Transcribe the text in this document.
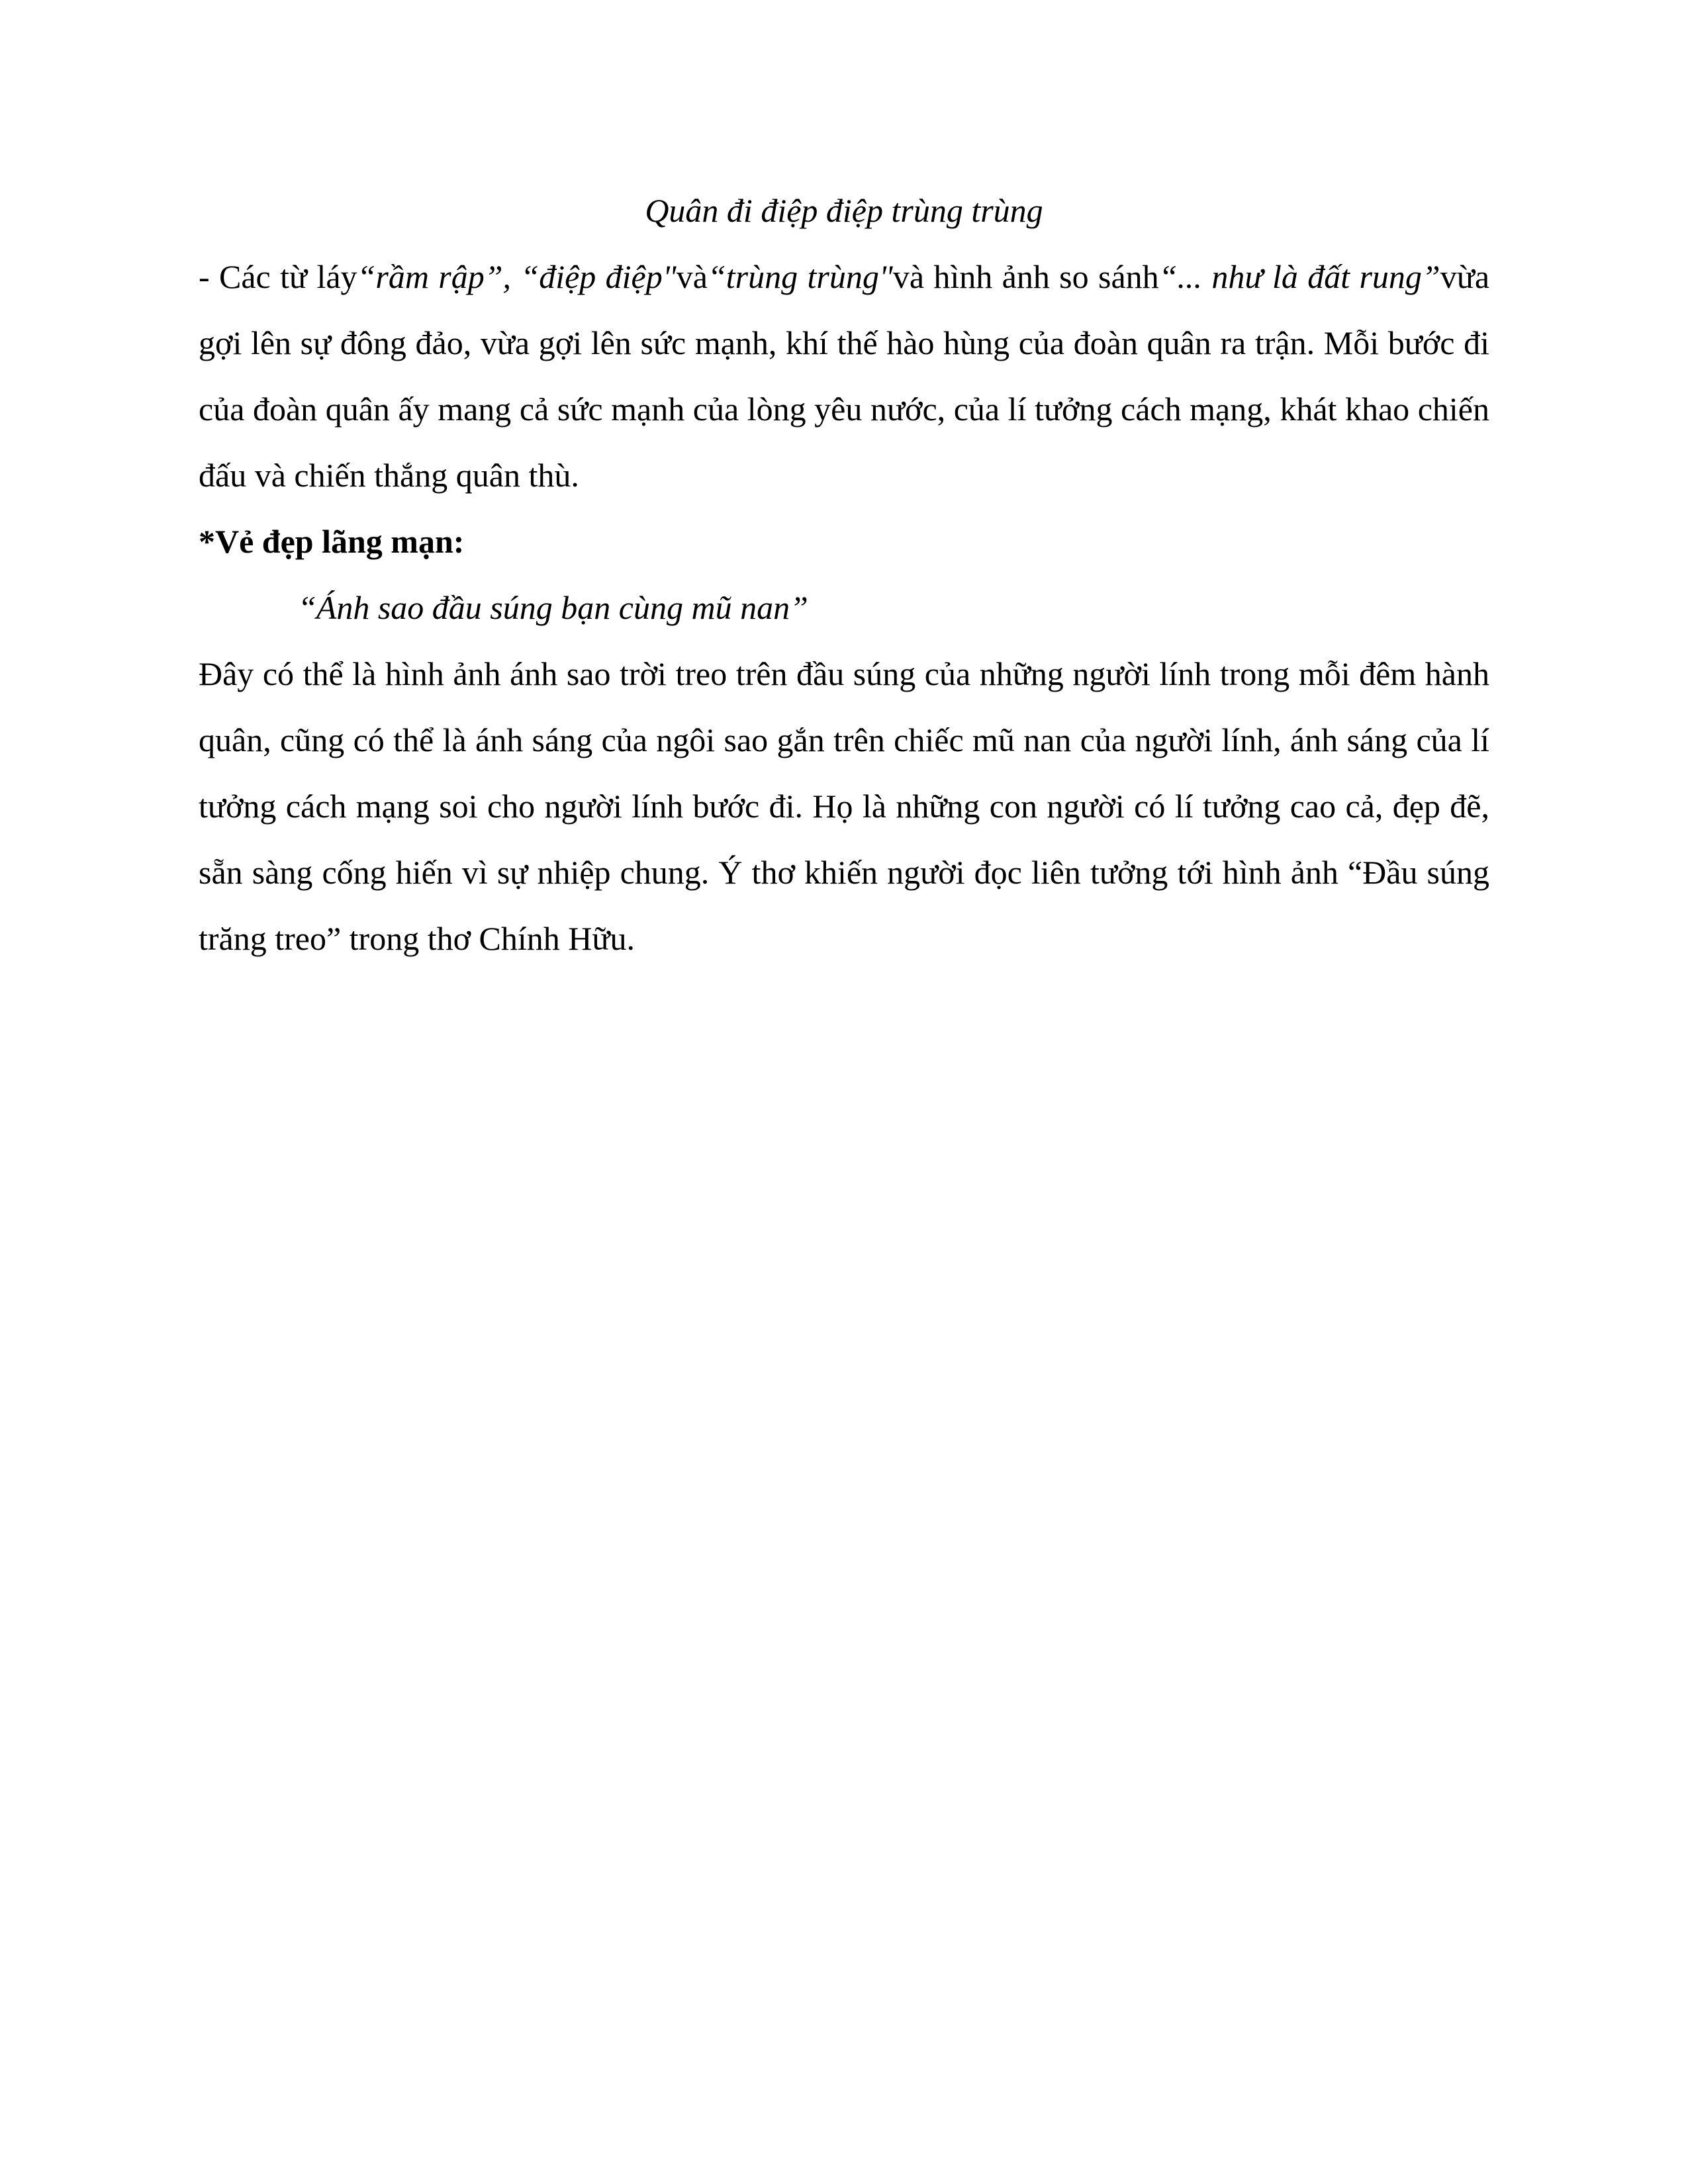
Quân đi điệp điệp trùng trùng

- Các từ láy“rầm rập”, “điệp điệp"và“trùng trùng"và hình ảnh so sánh“... như là đất rung”vừa gợi lên sự đông đảo, vừa gợi lên sức mạnh, khí thế hào hùng của đoàn quân ra trận. Mỗi bước đi của đoàn quân ấy mang cả sức mạnh của lòng yêu nước, của lí tưởng cách mạng, khát khao chiến đấu và chiến thắng quân thù.

*Vẻ đẹp lãng mạn:

“Ánh sao đầu súng bạn cùng mũ nan”

Đây có thể là hình ảnh ánh sao trời treo trên đầu súng của những người lính trong mỗi đêm hành quân, cũng có thể là ánh sáng của ngôi sao gắn trên chiếc mũ nan của người lính, ánh sáng của lí tưởng cách mạng soi cho người lính bước đi. Họ là những con người có lí tưởng cao cả, đẹp đẽ, sẵn sàng cống hiến vì sự nhiệp chung. Ý thơ khiến người đọc liên tưởng tới hình ảnh “Đầu súng trăng treo” trong thơ Chính Hữu.
